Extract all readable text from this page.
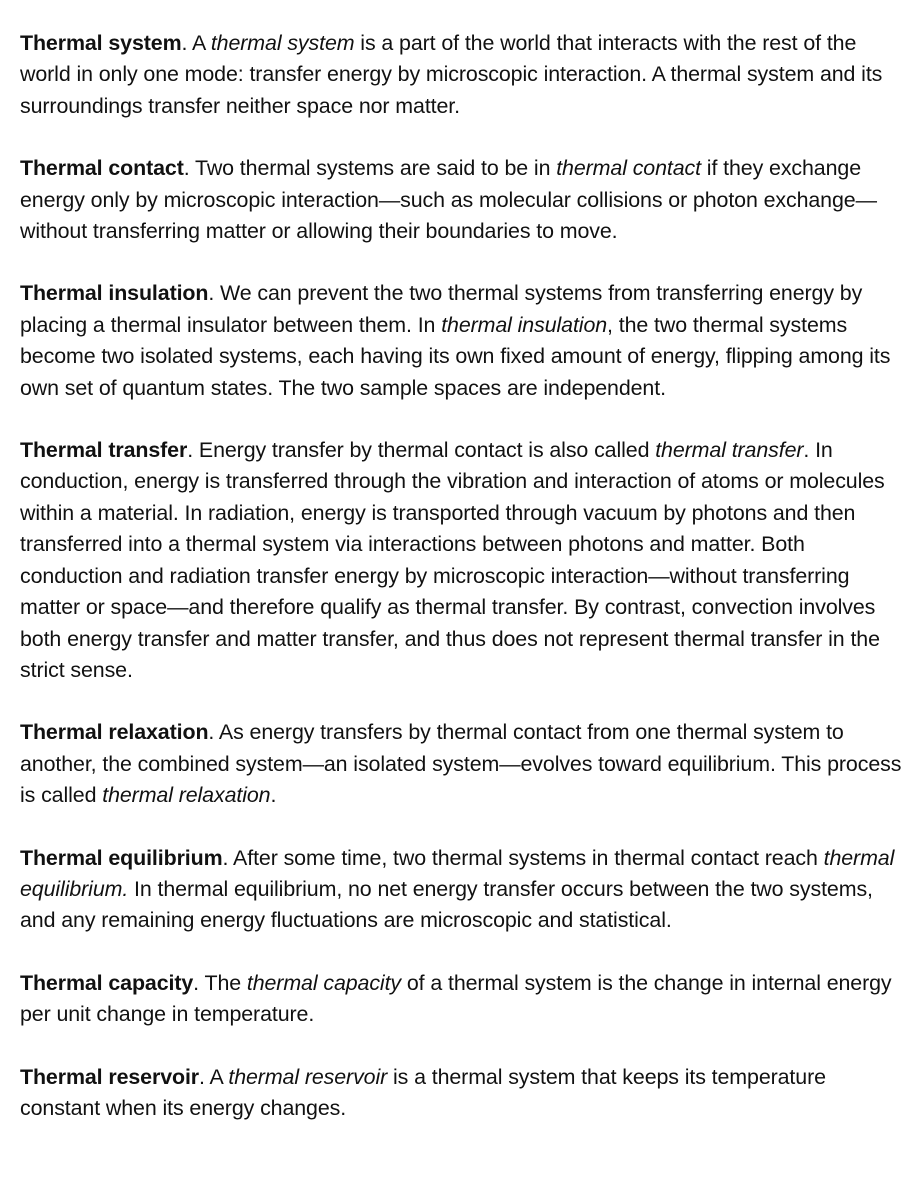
Thermal system. A thermal system is a part of the world that interacts with the rest of the world in only one mode: transfer energy by microscopic interaction. A thermal system and its surroundings transfer neither space nor matter.

Thermal contact. Two thermal systems are said to be in thermal contact if they exchange energy only by microscopic interaction—such as molecular collisions or photon exchange—without transferring matter or allowing their boundaries to move.

Thermal insulation. We can prevent the two thermal systems from transferring energy by placing a thermal insulator between them. In thermal insulation, the two thermal systems become two isolated systems, each having its own fixed amount of energy, flipping among its own set of quantum states. The two sample spaces are independent.

Thermal transfer. Energy transfer by thermal contact is also called thermal transfer. In conduction, energy is transferred through the vibration and interaction of atoms or molecules within a material. In radiation, energy is transported through vacuum by photons and then transferred into a thermal system via interactions between photons and matter. Both conduction and radiation transfer energy by microscopic interaction—without transferring matter or space—and therefore qualify as thermal transfer. By contrast, convection involves both energy transfer and matter transfer, and thus does not represent thermal transfer in the strict sense.

Thermal relaxation. As energy transfers by thermal contact from one thermal system to another, the combined system—an isolated system—evolves toward equilibrium. This process is called thermal relaxation.

Thermal equilibrium. After some time, two thermal systems in thermal contact reach thermal equilibrium. In thermal equilibrium, no net energy transfer occurs between the two systems, and any remaining energy fluctuations are microscopic and statistical.

Thermal capacity. The thermal capacity of a thermal system is the change in internal energy per unit change in temperature.

Thermal reservoir. A thermal reservoir is a thermal system that keeps its temperature constant when its energy changes.
